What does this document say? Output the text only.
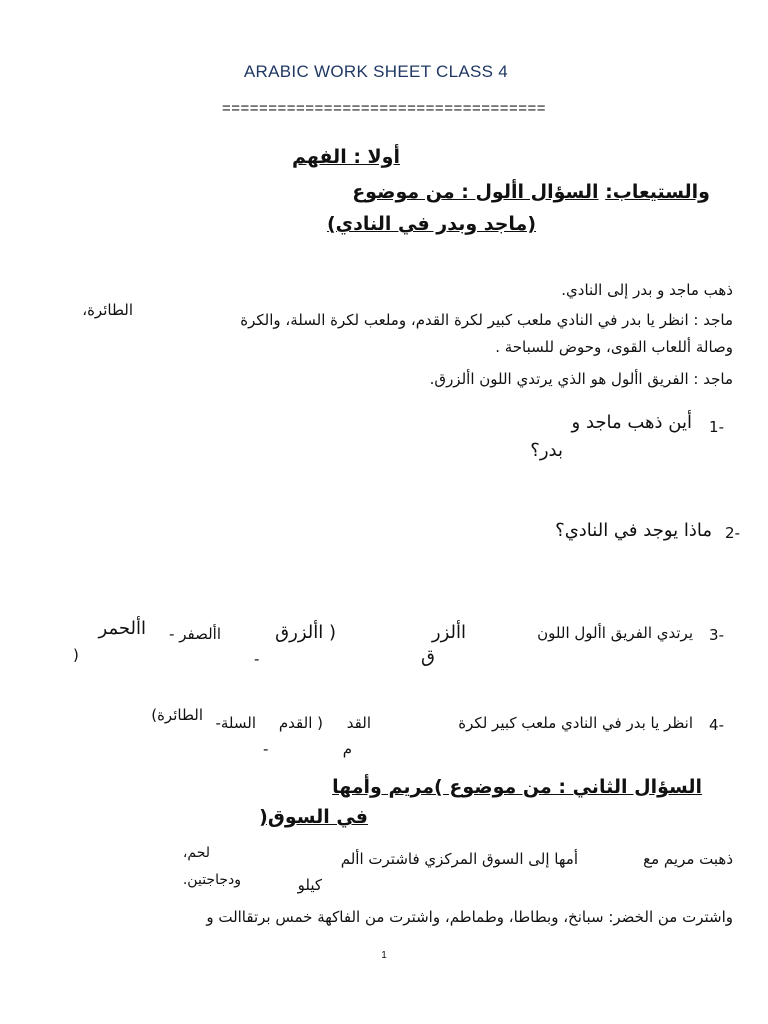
ARABIC WORK SHEET CLASS 4
===================================
أولا : الفهم
والستيعاب: السؤال األول : من موضوع
(ماجد وبدر في النادي)
ذهب ماجد و بدر إلى النادي.
ماجد : انظر يا بدر في النادي ملعب كبير لكرة القدم، وملعب لكرة السلة، والكرة
الطائرة،
وصالة أللعاب القوى، وحوض للسباحة .
ماجد : الفريق األول هو الذي يرتدي اللون األزرق.
-1
أين ذهب ماجد و
بدر؟
-2
ماذا يوجد في النادي؟
-3
يرتدي الفريق األول اللون
األزر
ق
( األزرق
-
األصفر -
األحمر
)
-4
انظر يا بدر في النادي ملعب كبير لكرة
القد
م
( القدم
-
السلة-
الطائرة)
السؤال الثاني : من موضوع )مريم وأمها
في السوق(
ذهبت مريم مع
أمها إلى السوق المركزي فاشترت األم
لحم،
ودجاجتين.	كيلو
واشترت من الخضر: سبانخ، وبطاطا، وطماطم، واشترت من الفاكهة خمس برتقاالت و
1
